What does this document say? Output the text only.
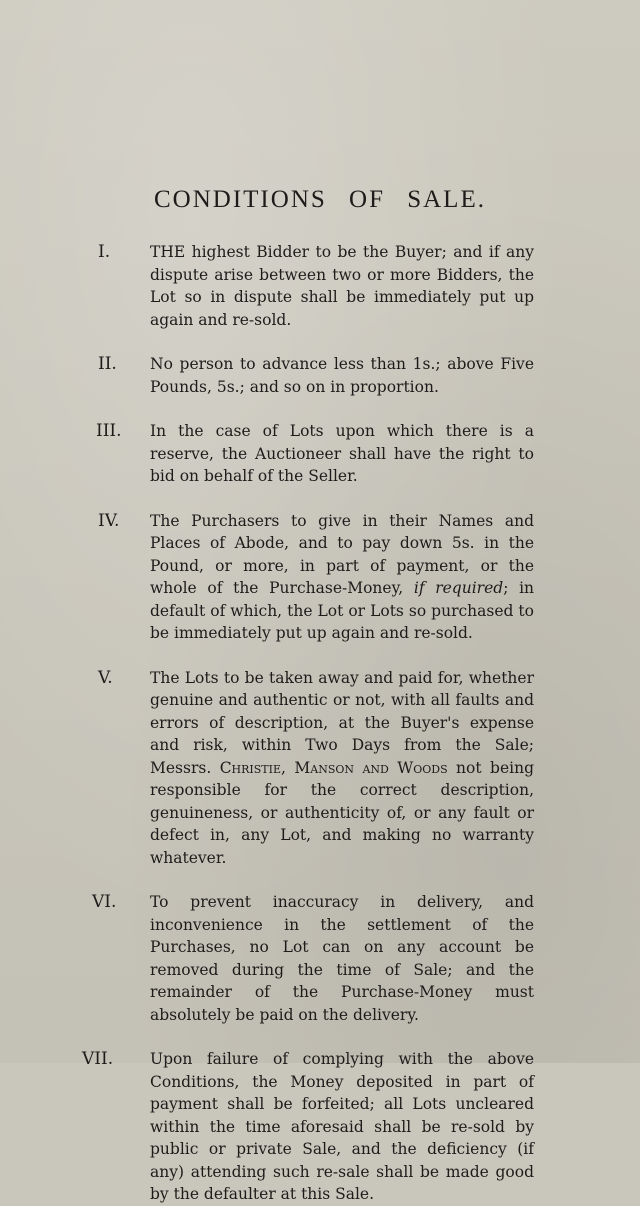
CONDITIONS OF SALE.
I.	THE highest Bidder to be the Buyer; and if any dispute arise between two or more Bidders, the Lot so in dispute shall be immediately put up again and re-sold.
II.	No person to advance less than 1s.; above Five Pounds, 5s.; and so on in proportion.
III.	In the case of Lots upon which there is a reserve, the Auctioneer shall have the right to bid on behalf of the Seller.
IV.	The Purchasers to give in their Names and Places of Abode, and to pay down 5s. in the Pound, or more, in part of payment, or the whole of the Purchase-Money, if required; in default of which, the Lot or Lots so purchased to be immediately put up again and re-sold.
V.	The Lots to be taken away and paid for, whether genuine and authentic or not, with all faults and errors of description, at the Buyer's expense and risk, within Two Days from the Sale; Messrs. Christie, Manson and Woods not being responsible for the correct description, genuineness, or authenticity of, or any fault or defect in, any Lot, and making no warranty whatever.
VI.	To prevent inaccuracy in delivery, and inconvenience in the settlement of the Purchases, no Lot can on any account be removed during the time of Sale; and the remainder of the Purchase-Money must absolutely be paid on the delivery.
VII.	Upon failure of complying with the above Conditions, the Money deposited in part of payment shall be forfeited; all Lots uncleared within the time aforesaid shall be re-sold by public or private Sale, and the deficiency (if any) attending such re-sale shall be made good by the defaulter at this Sale.
